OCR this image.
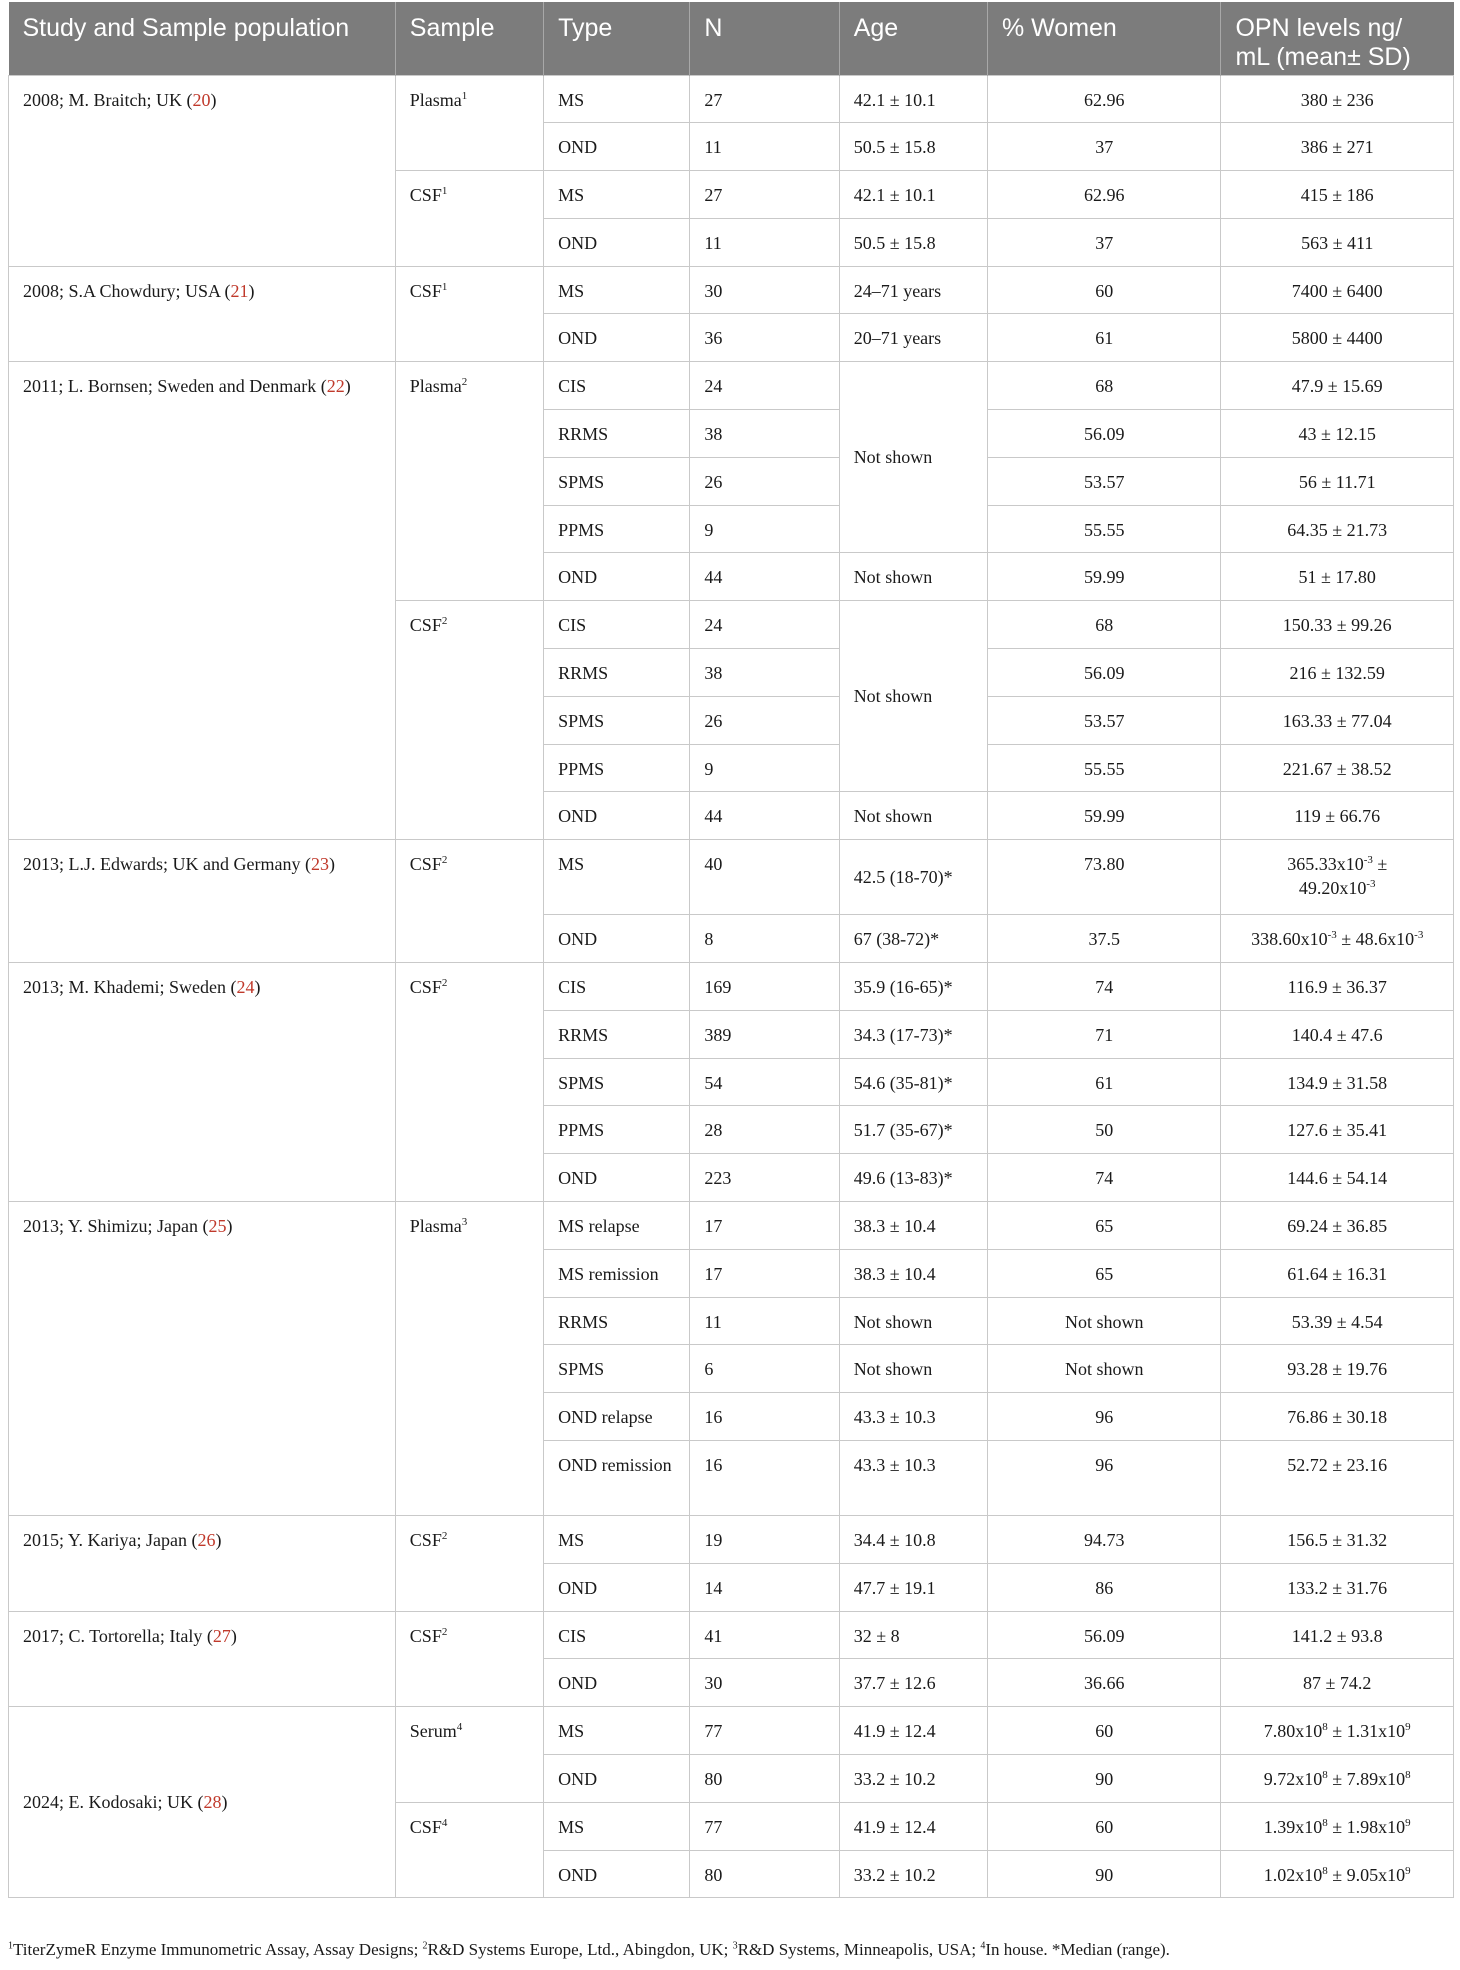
Study and Sample population	Sample	Type	N	Age	% Women	OPN levels ng/ mL (mean± SD)
2008; M. Braitch; UK (20)	Plasma$^1$	MS	27	42.1 ± 10.1	62.96	380 ± 236
		OND	11	50.5 ± 15.8	37	386 ± 271
	CSF$^1$	MS	27	42.1 ± 10.1	62.96	415 ± 186
		OND	11	50.5 ± 15.8	37	563 ± 411
2008; S.A Chowdury; USA (21)	CSF$^1$	MS	30	24–71 years	60	7400 ± 6400
		OND	36	20–71 years	61	5800 ± 4400
2011; L. Bornsen; Sweden and Denmark (22)	Plasma$^2$	CIS	24	Not shown	68	47.9 ± 15.69
		RRMS	38		56.09	43 ± 12.15
		SPMS	26		53.57	56 ± 11.71
		PPMS	9		55.55	64.35 ± 21.73
		OND	44	Not shown	59.99	51 ± 17.80
	CSF$^2$	CIS	24	Not shown	68	150.33 ± 99.26
		RRMS	38		56.09	216 ± 132.59
		SPMS	26		53.57	163.33 ± 77.04
		PPMS	9		55.55	221.67 ± 38.52
		OND	44	Not shown	59.99	119 ± 66.76
2013; L.J. Edwards; UK and Germany (23)	CSF$^2$	MS	40	42.5 (18-70)*	73.80	$365.33x10^{-3}$ ±
$49.20x10^{-3}$
		OND	8	67 (38-72)*	37.5	$338.60x10^{-3} \pm 48.6x10^{-3}$
2013; M. Khademi; Sweden (24)	CSF$^2$	CIS	169	35.9 (16-65)*	74	116.9 ± 36.37
		RRMS	389	34.3 (17-73)*	71	140.4 ± 47.6
		SPMS	54	54.6 (35-81)*	61	134.9 ± 31.58
		PPMS	28	51.7 (35-67)*	50	127.6 ± 35.41
		OND	223	49.6 (13-83)*	74	144.6 ± 54.14
2013; Y. Shimizu; Japan (25)	Plasma$^3$	MS relapse	17	38.3 ± 10.4	65	69.24 ± 36.85
		MS remission	17	38.3 ± 10.4	65	61.64 ± 16.31
		RRMS	11	Not shown	Not shown	53.39 ± 4.54
		SPMS	6	Not shown	Not shown	93.28 ± 19.76
		OND relapse	16	43.3 ± 10.3	96	76.86 ± 30.18
		OND remission	16	43.3 ± 10.3	96	52.72 ± 23.16
2015; Y. Kariya; Japan (26)	CSF$^2$	MS	19	34.4 ± 10.8	94.73	156.5 ± 31.32
		OND	14	47.7 ± 19.1	86	133.2 ± 31.76
2017; C. Tortorella; Italy (27)	CSF$^2$	CIS	41	32 ± 8	56.09	141.2 ± 93.8
		OND	30	37.7 ± 12.6	36.66	87 ± 74.2
2024; E. Kodosaki; UK (28)	Serum$^4$	MS	77	41.9 ± 12.4	60	$7.80x10^8 \pm 1.31x10^9$
		OND	80	33.2 ± 10.2	90	$9.72x10^8 \pm 7.89x10^8$
	CSF$^4$	MS	77	41.9 ± 12.4	60	$1.39x10^8 \pm 1.98x10^9$
		OND	80	33.2 ± 10.2	90	$1.02x10^8 \pm 9.05x10^9$
$^1$TiterZymeR Enzyme Immunometric Assay, Assay Designs; $^2$R&D Systems Europe, Ltd., Abingdon, UK; $^3$R&D Systems, Minneapolis, USA; $^4$In house. *Median (range).
